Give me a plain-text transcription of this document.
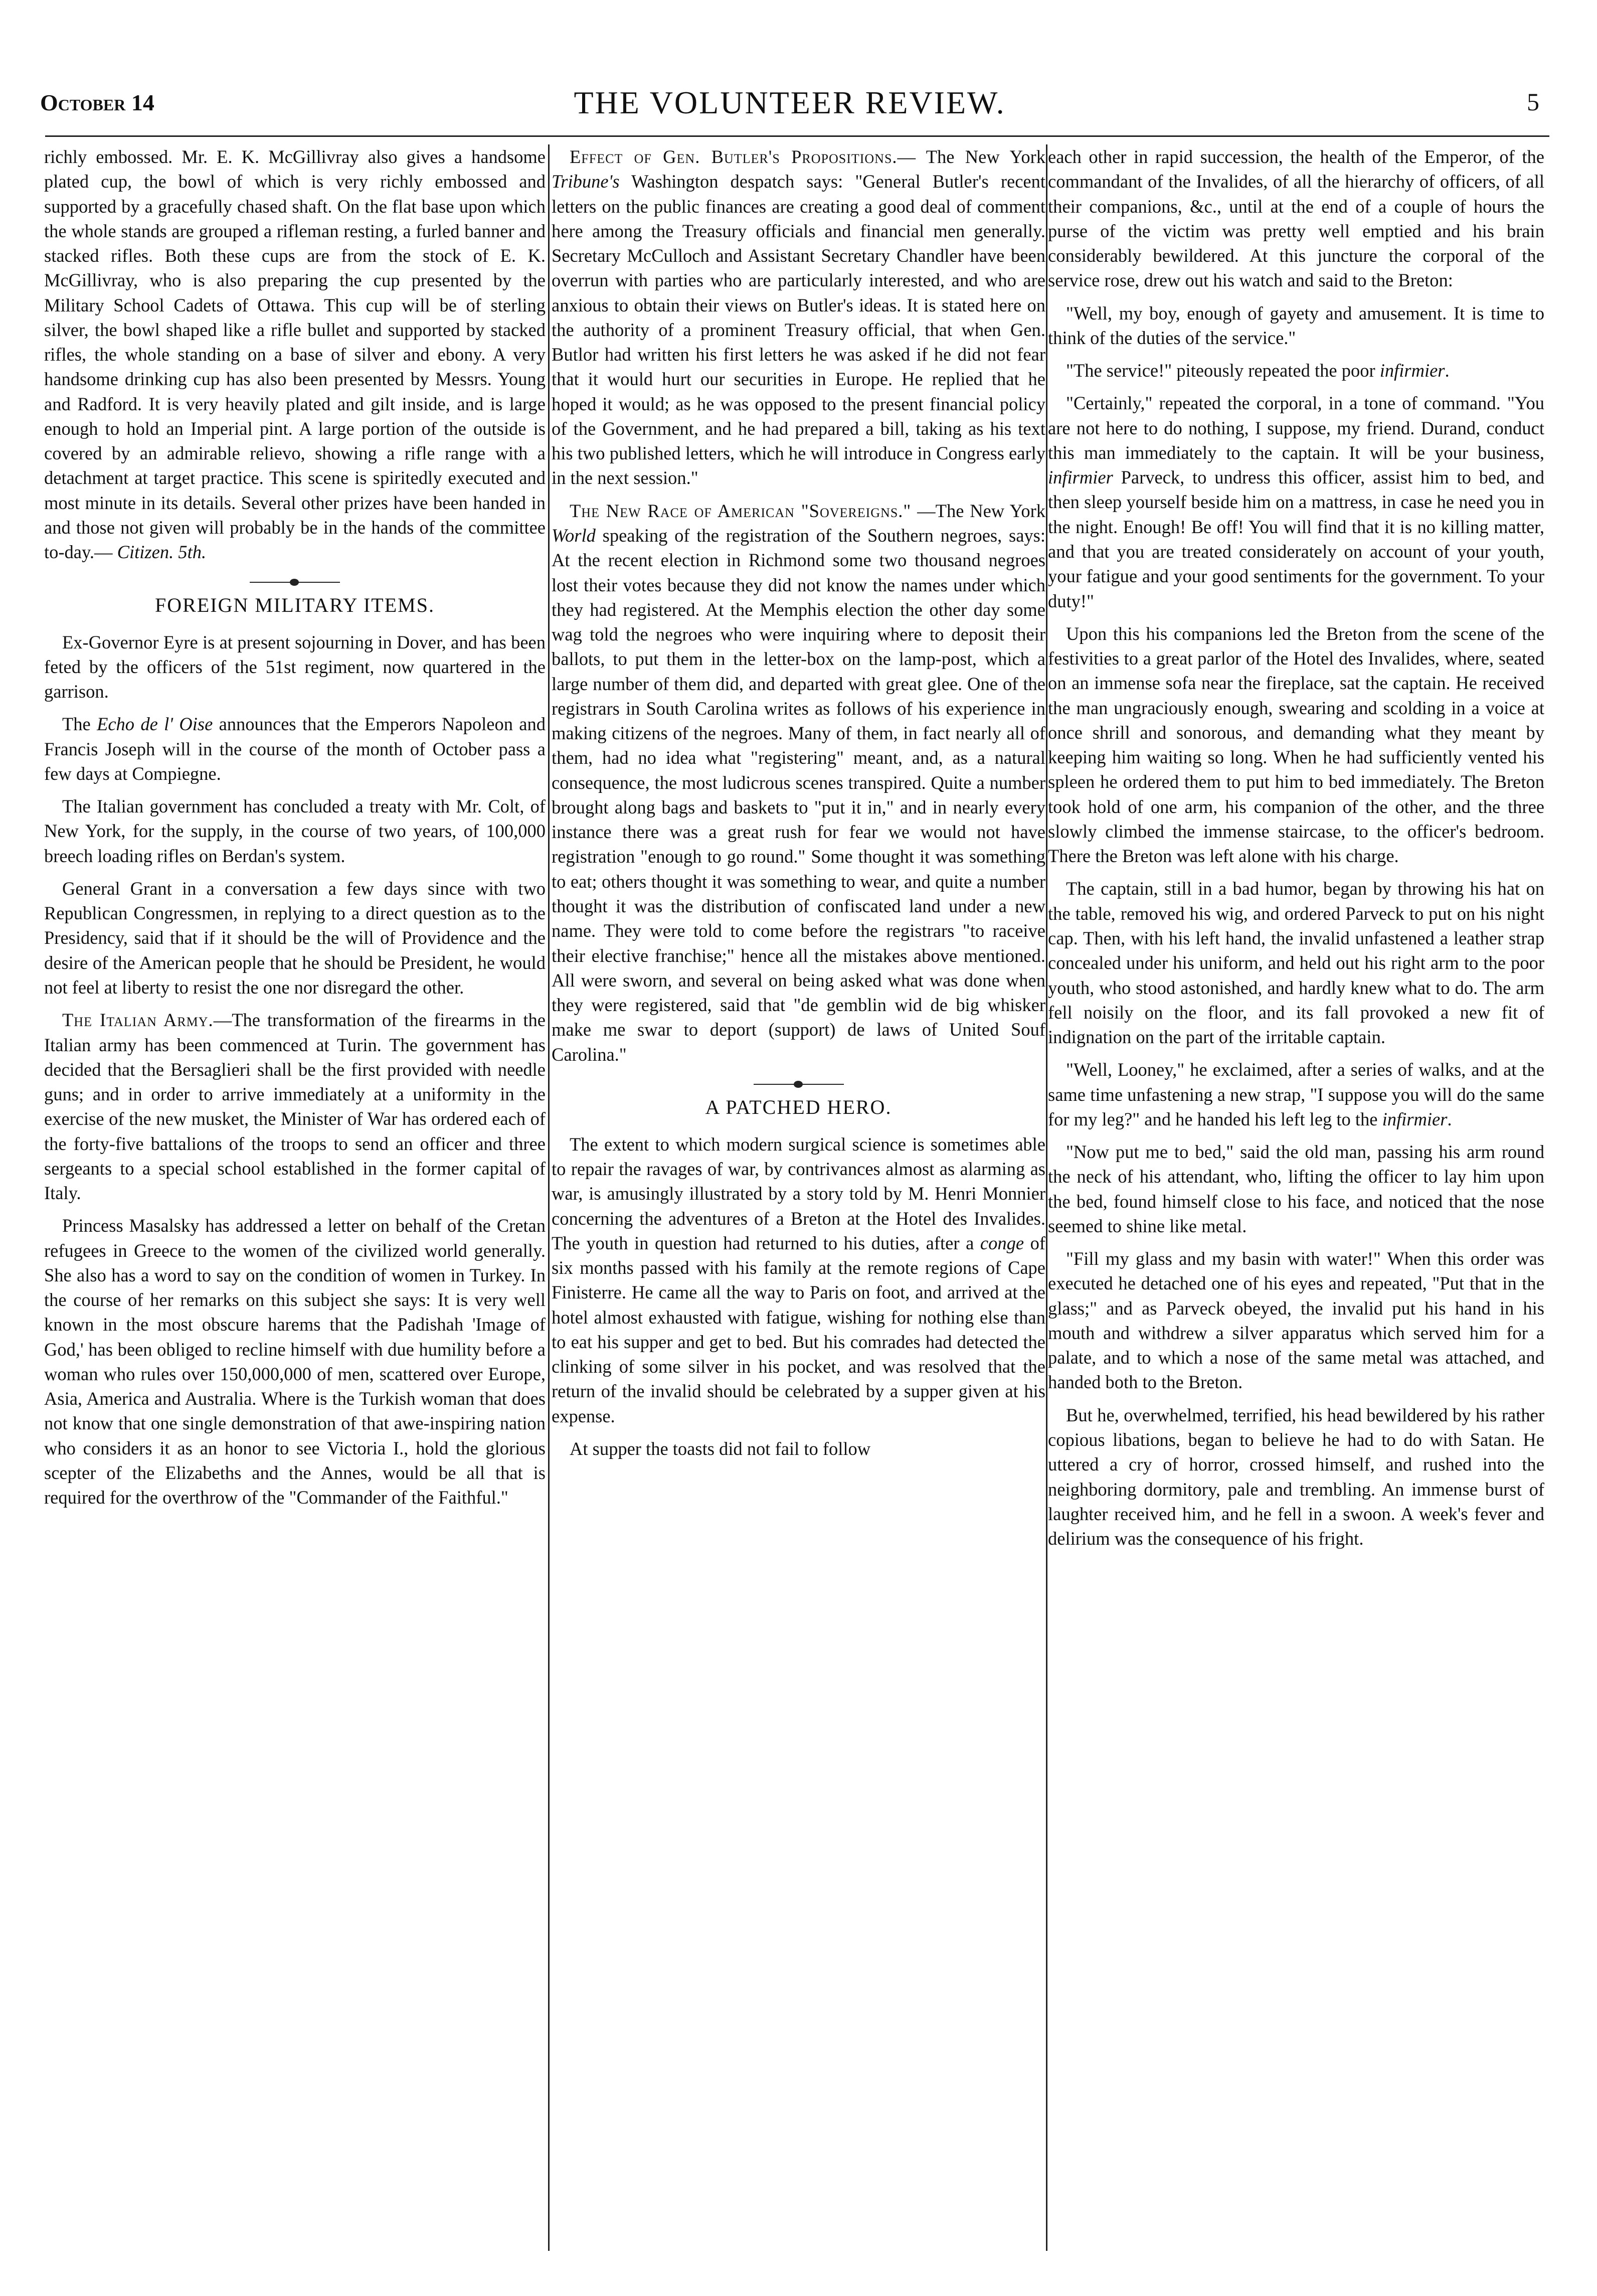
October 14	THE VOLUNTEER REVIEW.	5

richly embossed. Mr. E. K. McGillivray also gives a handsome plated cup, the bowl of which is very richly embossed and supported by a gracefully chased shaft. On the flat base upon which the whole stands are grouped a rifleman resting, a furled banner and stacked rifles. Both these cups are from the stock of E. K. McGillivray, who is also preparing the cup presented by the Military School Cadets of Ottawa. This cup will be of sterling silver, the bowl shaped like a rifle bullet and supported by stacked rifles, the whole standing on a base of silver and ebony. A very handsome drinking cup has also been presented by Messrs. Young and Radford. It is very heavily plated and gilt inside, and is large enough to hold an Imperial pint. A large portion of the outside is covered by an admirable relievo, showing a rifle range with a detachment at target practice. This scene is spiritedly executed and most minute in its details. Several other prizes have been handed in and those not given will probably be in the hands of the committee to-day.— Citizen. 5th.

FOREIGN MILITARY ITEMS.

Ex-Governor Eyre is at present sojourning in Dover, and has been feted by the officers of the 51st regiment, now quartered in the garrison.

The Echo de l' Oise announces that the Emperors Napoleon and Francis Joseph will in the course of the month of October pass a few days at Compiegne.

The Italian government has concluded a treaty with Mr. Colt, of New York, for the supply, in the course of two years, of 100,000 breech loading rifles on Berdan's system.

General Grant in a conversation a few days since with two Republican Congressmen, in replying to a direct question as to the Presidency, said that if it should be the will of Providence and the desire of the American people that he should be President, he would not feel at liberty to resist the one nor disregard the other.

The Italian Army.—The transformation of the firearms in the Italian army has been commenced at Turin. The government has decided that the Bersaglieri shall be the first provided with needle guns; and in order to arrive immediately at a uniformity in the exercise of the new musket, the Minister of War has ordered each of the forty-five battalions of the troops to send an officer and three sergeants to a special school established in the former capital of Italy.

Princess Masalsky has addressed a letter on behalf of the Cretan refugees in Greece to the women of the civilized world generally. She also has a word to say on the condition of women in Turkey. In the course of her remarks on this subject she says: It is very well known in the most obscure harems that the Padishah 'Image of God,' has been obliged to recline himself with due humility before a woman who rules over 150,000,000 of men, scattered over Europe, Asia, America and Australia. Where is the Turkish woman that does not know that one single demonstration of that awe-inspiring nation who considers it as an honor to see Victoria I., hold the glorious scepter of the Elizabeths and the Annes, would be all that is required for the overthrow of the "Commander of the Faithful."

Effect of Gen. Butler's Propositions.— The New York Tribune's Washington despatch says: "General Butler's recent letters on the public finances are creating a good deal of comment here among the Treasury officials and financial men generally. Secretary McCulloch and Assistant Secretary Chandler have been overrun with parties who are particularly interested, and who are anxious to obtain their views on Butler's ideas. It is stated here on the authority of a prominent Treasury official, that when Gen. Butlor had written his first letters he was asked if he did not fear that it would hurt our securities in Europe. He replied that he hoped it would; as he was opposed to the present financial policy of the Government, and he had prepared a bill, taking as his text his two published letters, which he will introduce in Congress early in the next session."

The New Race of American "Sovereigns." —The New York World speaking of the registration of the Southern negroes, says: At the recent election in Richmond some two thousand negroes lost their votes because they did not know the names under which they had registered. At the Memphis election the other day some wag told the negroes who were inquiring where to deposit their ballots, to put them in the letter-box on the lamp-post, which a large number of them did, and departed with great glee. One of the registrars in South Carolina writes as follows of his experience in making citizens of the negroes. Many of them, in fact nearly all of them, had no idea what "registering" meant, and, as a natural consequence, the most ludicrous scenes transpired. Quite a number brought along bags and baskets to "put it in," and in nearly every instance there was a great rush for fear we would not have registration "enough to go round." Some thought it was something to eat; others thought it was something to wear, and quite a number thought it was the distribution of confiscated land under a new name. They were told to come before the registrars "to raceive their elective franchise;" hence all the mistakes above mentioned. All were sworn, and several on being asked what was done when they were registered, said that "de gemblin wid de big whisker make me swar to deport (support) de laws of United Souf Carolina."

A PATCHED HERO.

The extent to which modern surgical science is sometimes able to repair the ravages of war, by contrivances almost as alarming as war, is amusingly illustrated by a story told by M. Henri Monnier concerning the adventures of a Breton at the Hotel des Invalides. The youth in question had returned to his duties, after a conge of six months passed with his family at the remote regions of Cape Finisterre. He came all the way to Paris on foot, and arrived at the hotel almost exhausted with fatigue, wishing for nothing else than to eat his supper and get to bed. But his comrades had detected the clinking of some silver in his pocket, and was resolved that the return of the invalid should be celebrated by a supper given at his expense.

At supper the toasts did not fail to follow

each other in rapid succession, the health of the Emperor, of the commandant of the Invalides, of all the hierarchy of officers, of all their companions, &c., until at the end of a couple of hours the purse of the victim was pretty well emptied and his brain considerably bewildered. At this juncture the corporal of the service rose, drew out his watch and said to the Breton:

"Well, my boy, enough of gayety and amusement. It is time to think of the duties of the service."

"The service!" piteously repeated the poor infirmier.

"Certainly," repeated the corporal, in a tone of command. "You are not here to do nothing, I suppose, my friend. Durand, conduct this man immediately to the captain. It will be your business, infirmier Parveck, to undress this officer, assist him to bed, and then sleep yourself beside him on a mattress, in case he need you in the night. Enough! Be off! You will find that it is no killing matter, and that you are treated considerately on account of your youth, your fatigue and your good sentiments for the government. To your duty!"

Upon this his companions led the Breton from the scene of the festivities to a great parlor of the Hotel des Invalides, where, seated on an immense sofa near the fireplace, sat the captain. He received the man ungraciously enough, swearing and scolding in a voice at once shrill and sonorous, and demanding what they meant by keeping him waiting so long. When he had sufficiently vented his spleen he ordered them to put him to bed immediately. The Breton took hold of one arm, his companion of the other, and the three slowly climbed the immense staircase, to the officer's bedroom. There the Breton was left alone with his charge.

The captain, still in a bad humor, began by throwing his hat on the table, removed his wig, and ordered Parveck to put on his night cap. Then, with his left hand, the invalid unfastened a leather strap concealed under his uniform, and held out his right arm to the poor youth, who stood astonished, and hardly knew what to do. The arm fell noisily on the floor, and its fall provoked a new fit of indignation on the part of the irritable captain.

"Well, Looney," he exclaimed, after a series of walks, and at the same time unfastening a new strap, "I suppose you will do the same for my leg?" and he handed his left leg to the infirmier.

"Now put me to bed," said the old man, passing his arm round the neck of his attendant, who, lifting the officer to lay him upon the bed, found himself close to his face, and noticed that the nose seemed to shine like metal.

"Fill my glass and my basin with water!" When this order was executed he detached one of his eyes and repeated, "Put that in the glass;" and as Parveck obeyed, the invalid put his hand in his mouth and withdrew a silver apparatus which served him for a palate, and to which a nose of the same metal was attached, and handed both to the Breton.

But he, overwhelmed, terrified, his head bewildered by his rather copious libations, began to believe he had to do with Satan. He uttered a cry of horror, crossed himself, and rushed into the neighboring dormitory, pale and trembling. An immense burst of laughter received him, and he fell in a swoon. A week's fever and delirium was the consequence of his fright.
